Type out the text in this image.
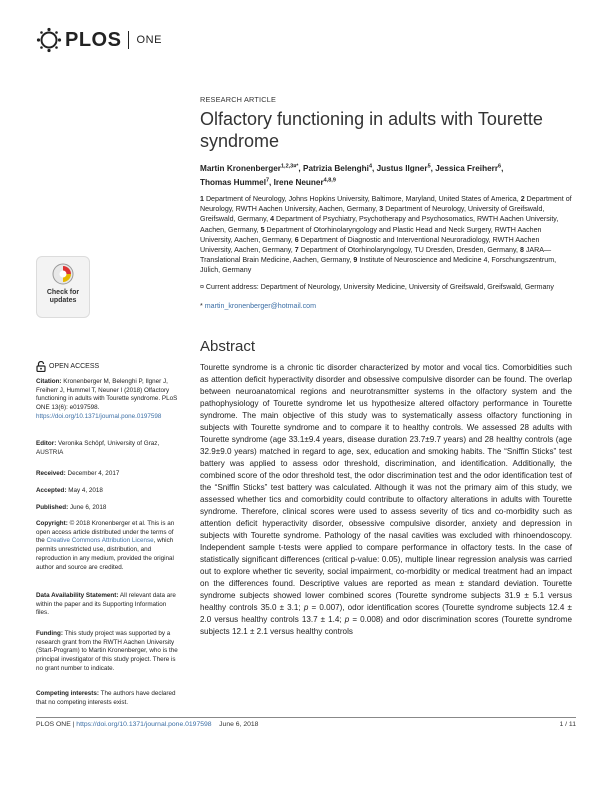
PLOS ONE
RESEARCH ARTICLE
Olfactory functioning in adults with Tourette syndrome
Martin Kronenberger$^{1,2,3¤*}$, Patrizia Belenghi$^4$, Justus Ilgner$^5$, Jessica Freiherr$^6$,
Thomas Hummel$^7$, Irene Neuner$^{4,8,9}$
1 Department of Neurology, Johns Hopkins University, Baltimore, Maryland, United States of America, 2 Department of Neurology, RWTH Aachen University, Aachen, Germany, 3 Department of Neurology, University of Greifswald, Greifswald, Germany, 4 Department of Psychiatry, Psychotherapy and Psychosomatics, RWTH Aachen University, Aachen, Germany, 5 Department of Otorhinolaryngology and Plastic Head and Neck Surgery, RWTH Aachen University, Aachen, Germany, 6 Department of Diagnostic and Interventional Neuroradiology, RWTH Aachen University, Aachen, Germany, 7 Department of Otorhinolaryngology, TU Dresden, Dresden, Germany, 8 JARA—Translational Brain Medicine, Aachen, Germany, 9 Institute of Neuroscience and Medicine 4, Forschungszentrum, Jülich, Germany
¤ Current address: Department of Neurology, University Medicine, University of Greifswald, Greifswald, Germany
* martin_kronenberger@hotmail.com
Abstract

Tourette syndrome is a chronic tic disorder characterized by motor and vocal tics. Comorbidities such as attention deficit hyperactivity disorder and obsessive compulsive disorder can be found. The overlap between neuroanatomical regions and neurotransmitter systems in the olfactory system and the pathophysiology of Tourette syndrome let us hypothesize altered olfactory performance in Tourette syndrome. The main objective of this study was to systematically assess olfactory functioning in subjects with Tourette syndrome and to compare it to healthy controls. We assessed 28 adults with Tourette syndrome (age 33.1±9.4 years, disease duration 23.7±9.7 years) and 28 healthy controls (age 32.9±9.0 years) matched in regard to age, sex, education and smoking habits. The “Sniffin Sticks” test battery was applied to assess odor threshold, discrimination, and identification. Additionally, the combined score of the odor threshold test, the odor discrimination test and the odor identification test of the “Sniffin Sticks” test battery was calculated. Although it was not the primary aim of this study, we assessed whether tics and comorbidity could contribute to olfactory alterations in adults with Tourette syndrome. Therefore, clinical scores were used to assess severity of tics and co-morbidity such as attention deficit hyperactivity disorder, obsessive compulsive disorder, anxiety and depression in subjects with Tourette syndrome. Pathology of the nasal cavities was excluded with rhinoendoscopy. Independent sample t-tests were applied to compare performance in olfactory tests. In the case of statistically significant differences (critical p-value: 0.05), multiple linear regression analysis was carried out to explore whether tic severity, social impairment, co-morbidity or medical treatment had an impact on the differences found. Descriptive values are reported as mean ± standard deviation. Tourette syndrome subjects showed lower combined scores (Tourette syndrome subjects 31.9 ± 5.1 versus healthy controls 35.0 ± 3.1; p = 0.007), odor identification scores (Tourette syndrome subjects 12.4 ± 2.0 versus healthy controls 13.7 ± 1.4; p = 0.008) and odor discrimination scores (Tourette syndrome subjects 12.1 ± 2.1 versus healthy controls

Check for
updates
OPEN ACCESS
Citation: Kronenberger M, Belenghi P, Ilgner J, Freiherr J, Hummel T, Neuner I (2018) Olfactory functioning in adults with Tourette syndrome. PLoS ONE 13(6): e0197598. https://doi.org/10.1371/journal.pone.0197598
Editor: Veronika Schöpf, University of Graz, AUSTRIA
Received: December 4, 2017
Accepted: May 4, 2018
Published: June 6, 2018
Copyright: © 2018 Kronenberger et al. This is an open access article distributed under the terms of the Creative Commons Attribution License, which permits unrestricted use, distribution, and reproduction in any medium, provided the original author and source are credited.
Data Availability Statement: All relevant data are within the paper and its Supporting Information files.
Funding: This study project was supported by a research grant from the RWTH Aachen University (Start-Program) to Martin Kronenberger, who is the principal investigator of this study project. There is no grant number to indicate.
Competing interests: The authors have declared that no competing interests exist.
PLOS ONE | https://doi.org/10.1371/journal.pone.0197598 June 6, 2018	1 / 11
